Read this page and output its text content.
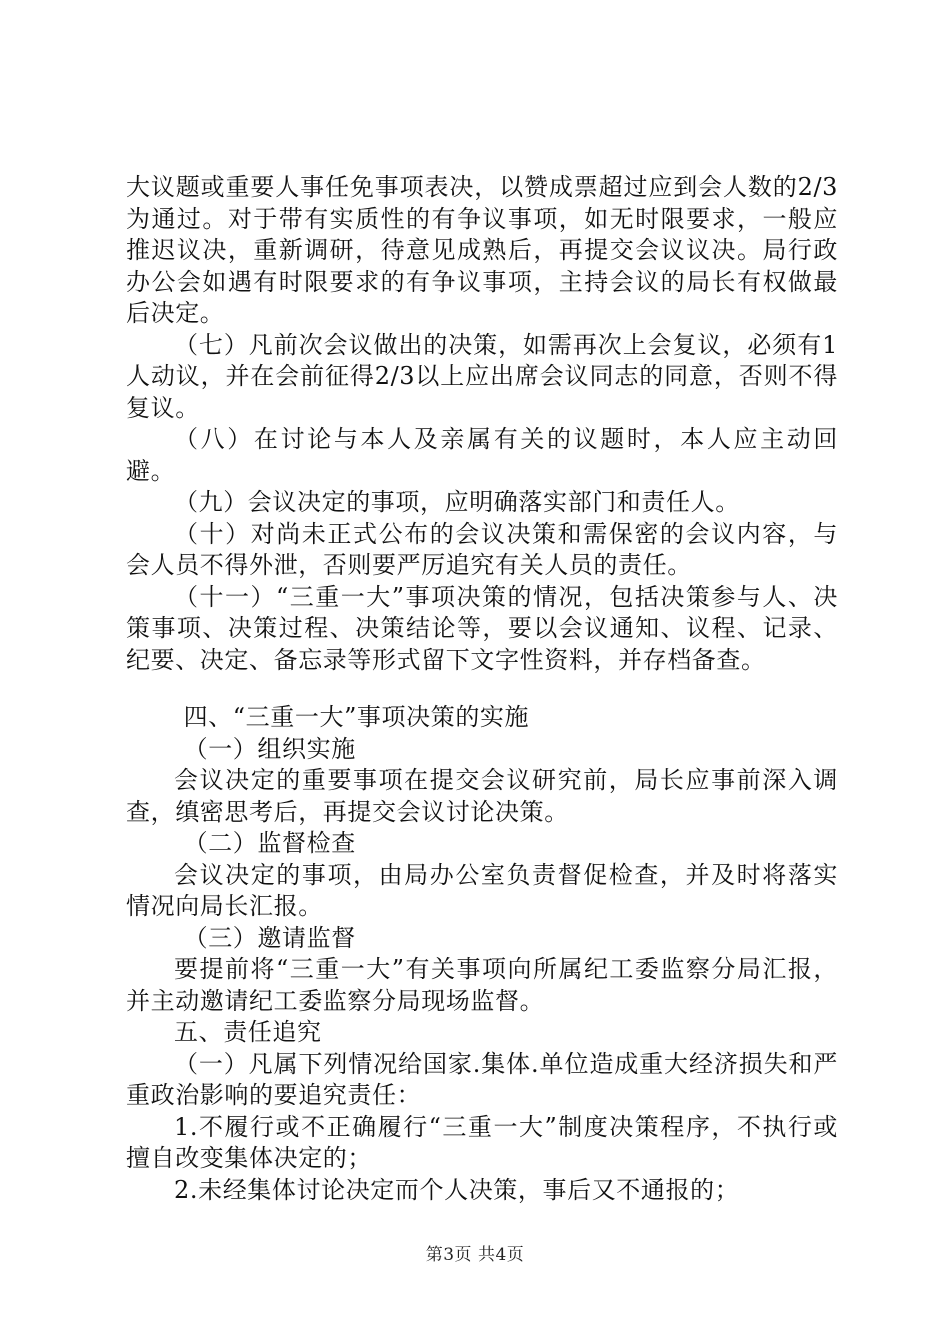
大议题或重要人事任免事项表决，以赞成票超过应到会人数的2/3为通过。对于带有实质性的有争议事项，如无时限要求，一般应推迟议决，重新调研，待意见成熟后，再提交会议议决。局行政办公会如遇有时限要求的有争议事项，主持会议的局长有权做最后决定。

（七）凡前次会议做出的决策，如需再次上会复议，必须有1人动议，并在会前征得2/3以上应出席会议同志的同意，否则不得复议。

（八）在讨论与本人及亲属有关的议题时，本人应主动回避。

（九）会议决定的事项，应明确落实部门和责任人。

（十）对尚未正式公布的会议决策和需保密的会议内容，与会人员不得外泄，否则要严厉追究有关人员的责任。

（十一）“三重一大”事项决策的情况，包括决策参与人、决策事项、决策过程、决策结论等，要以会议通知、议程、记录、纪要、决定、备忘录等形式留下文字性资料，并存档备查。

四、“三重一大”事项决策的实施

（一）组织实施

会议决定的重要事项在提交会议研究前，局长应事前深入调查，缜密思考后，再提交会议讨论决策。

（二）监督检查

会议决定的事项，由局办公室负责督促检查，并及时将落实情况向局长汇报。

（三）邀请监督

要提前将“三重一大”有关事项向所属纪工委监察分局汇报，并主动邀请纪工委监察分局现场监督。

五、责任追究

（一）凡属下列情况给国家.集体.单位造成重大经济损失和严重政治影响的要追究责任：

1.不履行或不正确履行“三重一大”制度决策程序，不执行或擅自改变集体决定的；

2.未经集体讨论决定而个人决策，事后又不通报的；

第3页 共4页
